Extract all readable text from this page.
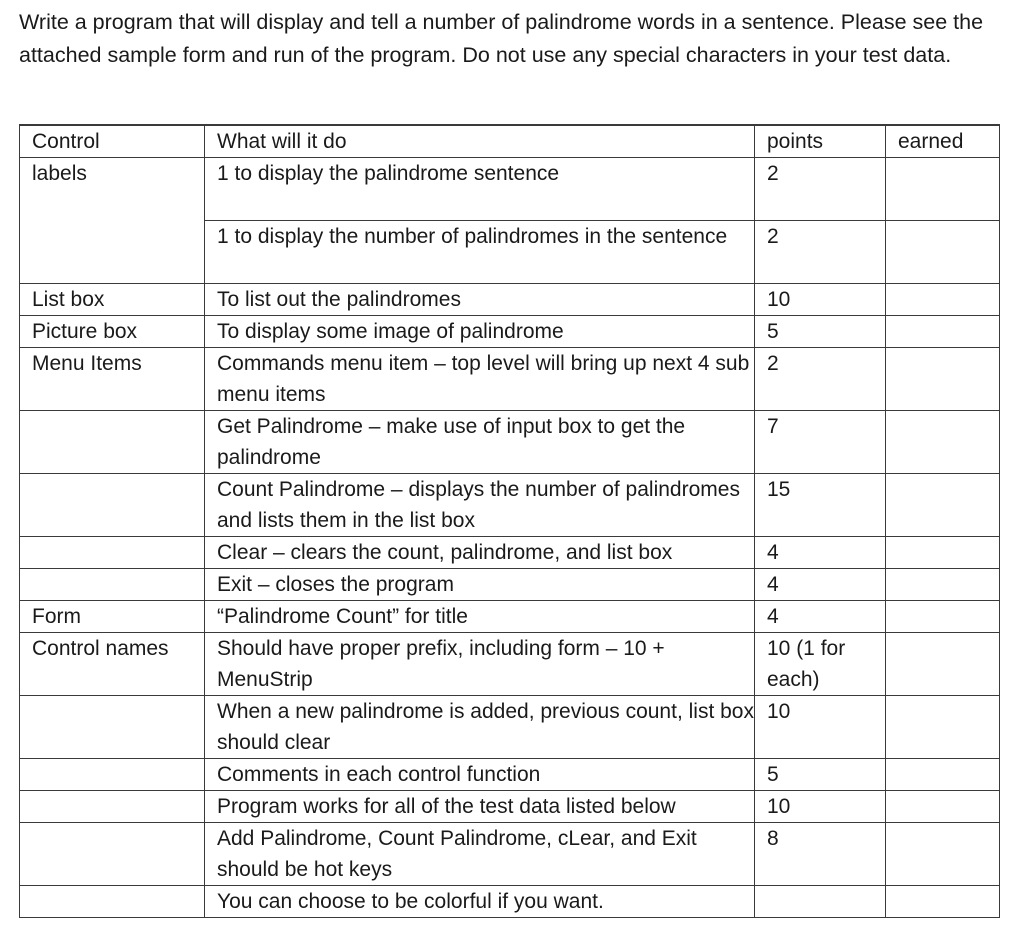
Write a program that will display and tell a number of palindrome words in a sentence. Please see the attached sample form and run of the program. Do not use any special characters in your test data.

Control	What will it do	points	earned
labels	1 to display the palindrome sentence	2	
	1 to display the number of palindromes in the sentence	2	
List box	To list out the palindromes	10	
Picture box	To display some image of palindrome	5	
Menu Items	Commands menu item – top level will bring up next 4 sub menu items	2	
	Get Palindrome – make use of input box to get the palindrome	7	
	Count Palindrome – displays the number of palindromes and lists them in the list box	15	
	Clear – clears the count, palindrome, and list box	4	
	Exit – closes the program	4	
Form	“Palindrome Count” for title	4	
Control names	Should have proper prefix, including form – 10 + MenuStrip	10 (1 for each)	
	When a new palindrome is added, previous count, list box should clear	10	
	Comments in each control function	5	
	Program works for all of the test data listed below	10	
	Add Palindrome, Count Palindrome, cLear, and Exit should be hot keys	8	
	You can choose to be colorful if you want.		
